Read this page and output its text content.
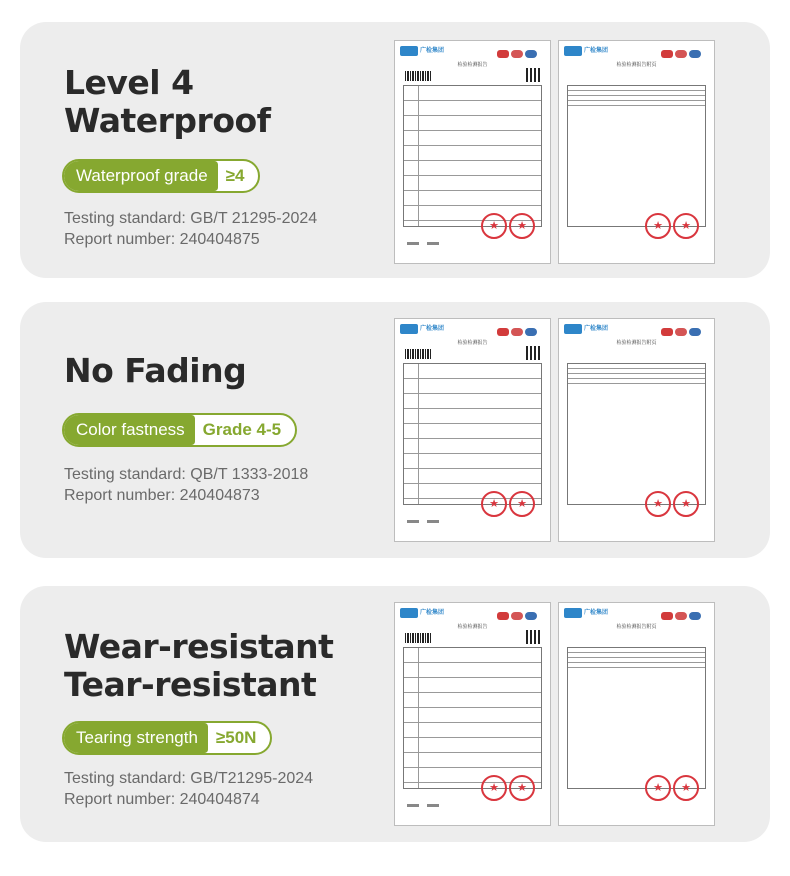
Level 4
Waterproof
Waterproof grade	≥4
Testing standard: GB/T 21295-2024
Report number: 240404875
广检集团
检验检测报告
★
★
广检集团
检验检测报告附页
★
★
No Fading
Color fastness	Grade 4-5
Testing standard: QB/T 1333-2018
Report number: 240404873
广检集团
检验检测报告
★
★
广检集团
检验检测报告附页
★
★
Wear-resistant
Tear-resistant
Tearing strength	≥50N
Testing standard: GB/T21295-2024
Report number: 240404874
广检集团
检验检测报告
★
★
广检集团
检验检测报告附页
★
★
